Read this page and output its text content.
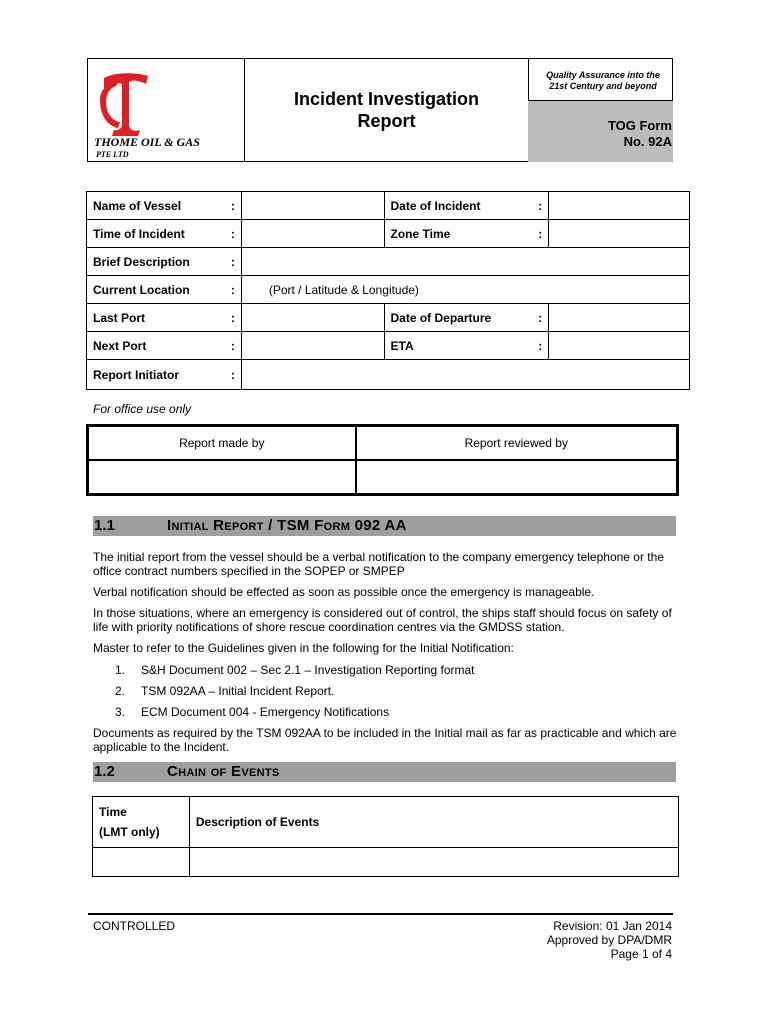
THOME OIL & GAS
PTE LTD
Incident Investigation
Report
Quality Assurance into the
21st Century and beyond
TOG Form
No. 92A
Name of Vessel	:		Date of Incident	:	
Time of Incident	:		Zone Time	:	
Brief Description	:				
Current Location	:	(Port / Latitude & Longitude)			
Last Port	:		Date of Departure	:	
Next Port	:		ETA	:	
Report Initiator	:				
For office use only
Report made by	Report reviewed by

1.1	Initial Report / TSM Form 092 AA
The initial report from the vessel should be a verbal notification to the company emergency telephone or the office contract numbers specified in the SOPEP or SMPEP
Verbal notification should be effected as soon as possible once the emergency is manageable.
In those situations, where an emergency is considered out of control, the ships staff should focus on safety of life with priority notifications of shore rescue coordination centres via the GMDSS station.
Master to refer to the Guidelines given in the following for the Initial Notification:
1. S&H Document 002 – Sec 2.1 – Investigation Reporting format
2. TSM 092AA – Initial Incident Report.
3. ECM Document 004 - Emergency Notifications
Documents as required by the TSM 092AA to be included in the Initial mail as far as practicable and which are applicable to the Incident.
1.2	Chain of Events
Time
(LMT only)	Description of Events

CONTROLLED	Revision: 01 Jan 2014
Approved by DPA/DMR
Page 1 of 4
